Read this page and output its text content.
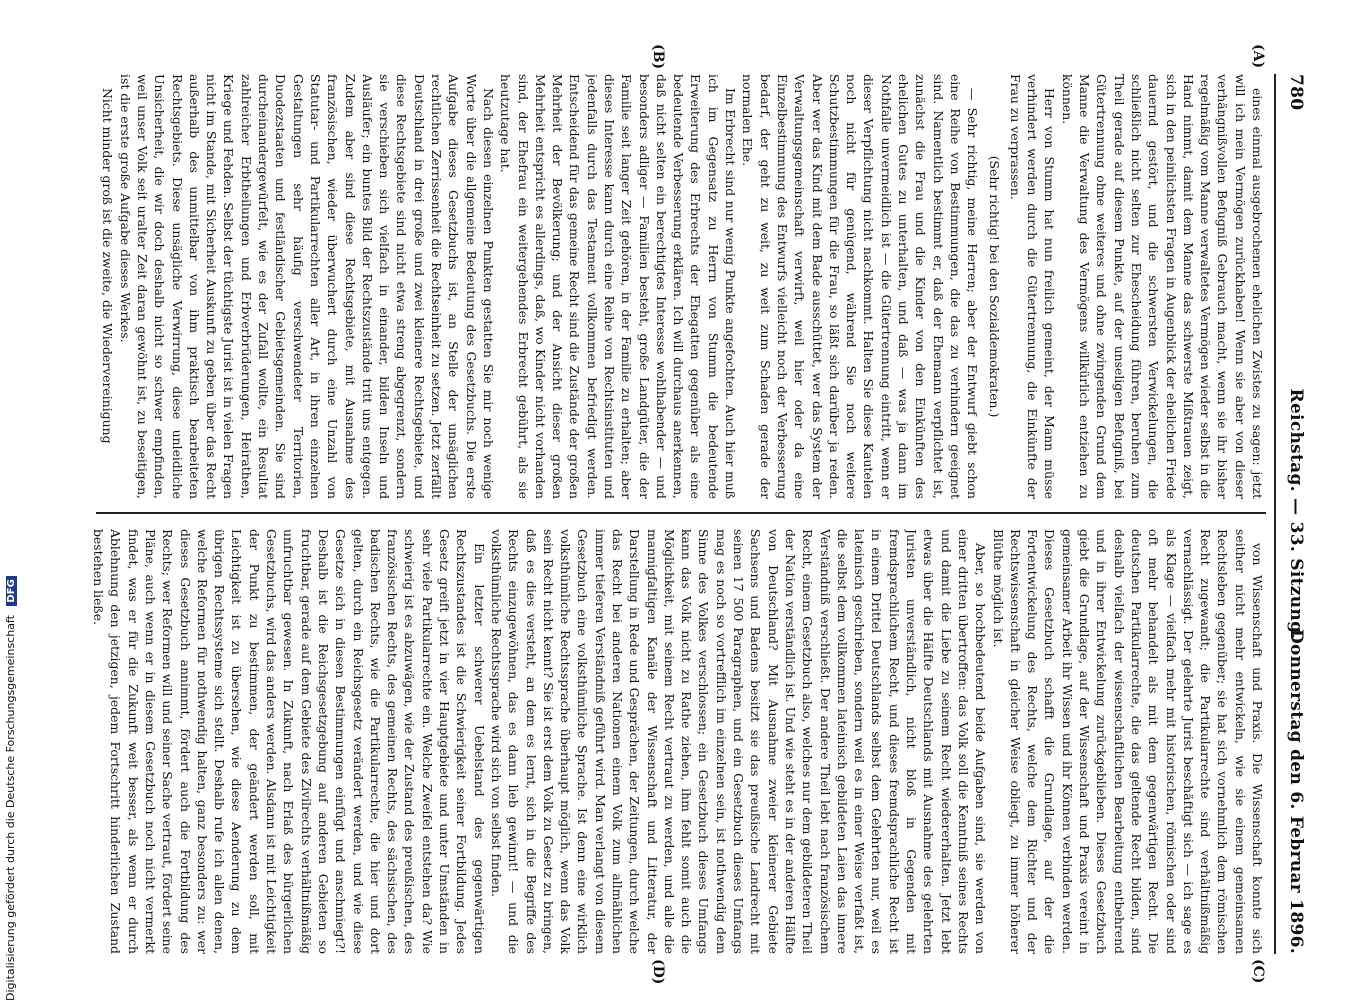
780
Reichstag. — 33. Sitzung.
Donnerstag den 6. Februar 1896.
(A)
(B)
(C)
(D)

eines einmal ausgebrochenen ehelichen Zwistes zu sagen: jetzt will ich mein Vermögen zurückhaben! Wenn sie aber von dieser verhängnißvollen Befugniß Gebrauch macht, wenn sie ihr bisher regelmäßig vom Manne verwaltetes Vermögen wieder selbst in die Hand nimmt, damit dem Manne das schwerste Mißtrauen zeigt, sich in den peinlichsten Fragen in Augenblick der ehelichen Friede dauernd gestört, und die schwersten Verwickelungen, die schließlich nicht selten zur Ehescheidung führen, beruhen zum Theil gerade auf diesem Punkte, auf der unseligen Befugniß, bei Gütertrennung ohne weiteres und ohne zwingenden Grund dem Manne die Verwaltung des Vermögens willkürlich entziehen zu können.

Herr von Stumm hat nun freilich gemeint, der Mann müsse verhindert werden durch die Gütertrennung, die Einkünfte der Frau zu verprassen.

(Sehr richtig! bei den Sozialdemokraten.)

— Sehr richtig, meine Herren; aber der Entwurf giebt schon eine Reihe von Bestimmungen, die das zu verhindern geeignet sind. Namentlich bestimmt er, daß der Ehemann verpflichtet ist, zunächst die Frau und die Kinder von den Einkünften des ehelichen Gutes zu unterhalten, und daß — was ja dann im Nothfalle unvermeidlich ist — die Gütertrennung eintritt, wenn er dieser Verpflichtung nicht nachkommt. Halten Sie diese Kautelen noch nicht für genügend, während Sie noch weitere Schutzbestimmungen für die Frau, so läßt sich darüber ja reden. Aber wer das Kind mit dem Bade ausschüttet, wer das System der Verwaltungsgemeinschaft verwirft, weil hier oder da eine Einzelbestimmung des Entwurfs vielleicht noch der Verbesserung bedarf, der geht zu weit, zu weit zum Schaden gerade der normalen Ehe.

Im Erbrecht sind nur wenig Punkte angefochten. Auch hier muß ich im Gegensatz zu Herrn von Stumm die bedeutende Erweiterung des Erbrechts der Ehegatten gegenüber als eine bedeutende Verbesserung erklären. Ich will durchaus anerkennen, daß nicht selten ein berechtigtes Interesse wohlhabender — und besonders adliger — Familien besteht, große Landgüter, die der Familie seit langer Zeit gehören, in der Familie zu erhalten; aber dieses Interesse kann durch eine Reihe von Rechtsinstituten und jedenfalls durch das Testament vollkommen befriedigt werden. Entscheidend für das gemeine Recht sind die Zustände der großen Mehrheit der Bevölkerung; und der Ansicht dieser großen Mehrheit entspricht es allerdings, daß, wo Kinder nicht vorhanden sind, der Ehefrau ein weitergehendes Erbrecht gebührt, als sie heutzutage hat.

Nach diesen einzelnen Punkten gestatten Sie mir noch wenige Worte über die allgemeine Bedeutung des Gesetzbuchs. Die erste Aufgabe dieses Gesetzbuchs ist, an Stelle der unsäglichen rechtlichen Zerrissenheit die Rechtseinheit zu setzen. Jetzt zerfällt Deutschland in drei große und zwei kleinere Rechtsgebiete, und diese Rechtsgebiete sind nicht etwa streng abgegrenzt, sondern sie verschieben sich vielfach in einander, bilden Inseln und Ausläufer; ein buntes Bild der Rechtszustände tritt uns entgegen. Zudem aber sind diese Rechtsgebiete, mit Ausnahme des französischen, wieder überwuchert durch eine Unzahl von Statutar- und Partikularrechten aller Art, in ihren einzelnen Gestaltungen sehr häufig verschwendeter Territorien, Duodezstaaten und festländischer Gebietsgemeinden. Sie sind durcheinandergewürfelt, wie es der Zufall wollte, ein Resultat zahlreicher Erbtheilungen und Erbverbrüderungen, Heirathen, Kriege und Fehden. Selbst der tüchtigste Jurist ist in vielen Fragen nicht im Stande, mit Sicherheit Auskunft zu geben über das Recht außerhalb des unmittelbar von ihm praktisch bearbeiteten Rechtsgebiets. Diese unsägliche Verwirrung, diese unleidliche Unsicherheit, die wir doch deshalb nicht so schwer empfinden, weil unser Volk seit uralter Zeit daran gewöhnt ist, zu beseitigen, ist die erste große Aufgabe dieses Werkes.

Nicht minder groß ist die zweite, die Wiedervereinigung

von Wissenschaft und Praxis. Die Wissenschaft konnte sich seither nicht mehr entwickeln, wie sie einem gemeinsamen Rechtsleben gegenüber; sie hat sich vornehmlich dem römischen Recht zugewandt; die Partikularrechte sind verhältnißmäßig vernachlässigt. Der gelehrte Jurist beschäftigt sich — ich sage es als Klage — vielfach mehr mit historischen, römischen oder sind oft mehr behandelt als mit dem gegenwärtigen Recht. Die deutschen Partikularrechte, die das geltende Recht bilden, sind deshalb vielfach der wissenschaftlichen Bearbeitung entbehrend und in ihrer Entwickelung zurückgeblieben. Dieses Gesetzbuch giebt die Grundlage, auf der Wissenschaft und Praxis vereint in gemeinsamer Arbeit ihr Wissen und ihr Können verbinden werden. Dieses Gesetzbuch schafft die Grundlage, auf der die Fortentwickelung des Rechts, welche dem Richter und der Rechtswissenschaft in gleicher Weise obliegt, zu immer höherer Blüthe möglich ist.

Aber, so hochbedeutend beide Aufgaben sind, sie werden von einer dritten übertroffen: das Volk soll die Kenntniß seines Rechts und damit die Liebe zu seinem Recht wiedererhalten. Jetzt lebt etwas über die Hälfte Deutschlands mit Ausnahme des gelehrten Juristen unverständlich, nicht bloß in Gegenden mit fremdsprachlichem Recht, und dieses fremdsprachliche Recht ist in einem Drittel Deutschlands selbst dem Gelehrten nur, weil es lateinisch geschrieben, sondern weil es in einer Weise verfaßt ist, die selbst dem vollkommen lateinisch gebildeten Laien das innere Verständniß verschließt. Der andere Theil lebt nach französischem Recht, einem Gesetzbuch also, welches nur dem gebildeteren Theil der Nation verständlich ist. Und wie steht es in der anderen Hälfte von Deutschland? Mit Ausnahme zweier kleinerer Gebiete Sachsens und Badens besitzt sie das preußische Landrecht mit seinen 17 500 Paragraphen, und ein Gesetzbuch dieses Umfangs mag es noch so vortrefflich im einzelnen sein, ist nothwendig dem Sinne des Volkes verschlossen; ein Gesetzbuch dieses Umfangs kann das Volk nicht zu Rathe ziehen, ihm fehlt somit auch die Möglichkeit, mit seinem Recht vertraut zu werden, und alle die mannigfaltigen Kanäle der Wissenschaft und Litteratur, der Darstellung in Rede und Gesprächen, der Zeitungen, durch welche das Recht bei anderen Nationen einem Volk zum allmählichen immer tieferen Verständniß geführt wird. Man verlangt von diesem Gesetzbuch eine volksthümliche Sprache. Ist denn eine wirklich volksthümliche Rechtssprache überhaupt möglich, wenn das Volk sein Recht nicht kennt? Sie ist erst dem Volk zu Gesetz zu bringen, daß es dies versteht, an dem es lernt, sich in die Begriffe des Rechts einzugewöhnen, das es dann lieb gewinnt! — und die volksthümliche Rechtssprache wird sich von selbst finden.

Ein letzter schwerer Uebelstand des gegenwärtigen Rechtszustandes ist die Schwierigkeit seiner Fortbildung. Jedes Gesetz greift jetzt in vier Hauptgebiete und unter Umständen in sehr viele Partikularrechte ein. Welche Zweifel entstehen da? Wie schwierig ist es abzuwägen, wie der Zustand des preußischen, des französischen Rechts, des gemeinen Rechts, des sächsischen, des badischen Rechts, wie die Partikularrechte, die hier und dort gelten, durch ein Reichsgesetz verändert werden, und wie diese Gesetze sich in diesen Bestimmungen einfügt und anschmiegt?! Deshalb ist die Reichsgesetzgebung auf anderen Gebieten so fruchtbar, gerade auf dem Gebiete des Zivilrechts verhältnißmäßig unfruchtbar gewesen. In Zukunft, nach Erlaß des bürgerlichen Gesetzbuchs, wird das anders werden. Alsdann ist mit Leichtigkeit der Punkt zu bestimmen, der geändert werden soll, mit Leichtigkeit ist zu übersehen, wie diese Aenderung zu dem übrigen Rechtssysteme sich stellt. Deshalb rufe ich allen denen, welche Reformen für nothwendig halten, ganz besonders zu: wer dieses Gesetzbuch annimmt, fördert auch die Fortbildung des Rechts; wer Reformen will und seiner Sache vertraut, fördert seine Pläne, auch wenn er in diesem Gesetzbuch noch nicht vermerkt findet, was er für die Zukunft weit besser, als wenn er durch Ablehnung den jetzigen, jedem Fortschritt hinderlichen Zustand bestehen ließe.

Digitalisierung gefördert durch die Deutsche Forschungsgemeinschaft DFG
